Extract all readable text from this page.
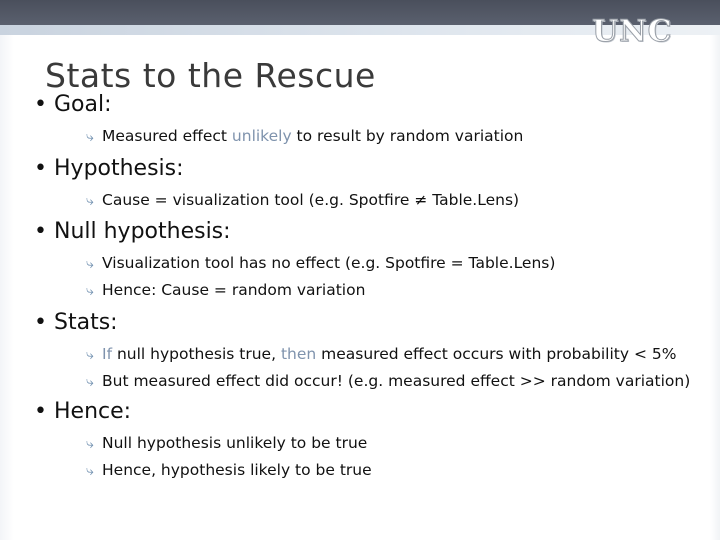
UNC
Stats to the Rescue
• Goal:
⤷ Measured effect unlikely to result by random variation
• Hypothesis:
⤷ Cause = visualization tool (e.g. Spotfire ≠ Table.Lens)
• Null hypothesis:
⤷ Visualization tool has no effect (e.g. Spotfire = Table.Lens)
⤷ Hence: Cause = random variation
• Stats:
⤷ If null hypothesis true, then measured effect occurs with probability < 5%
⤷ But measured effect did occur! (e.g. measured effect >> random variation)
• Hence:
⤷ Null hypothesis unlikely to be true
⤷ Hence, hypothesis likely to be true
